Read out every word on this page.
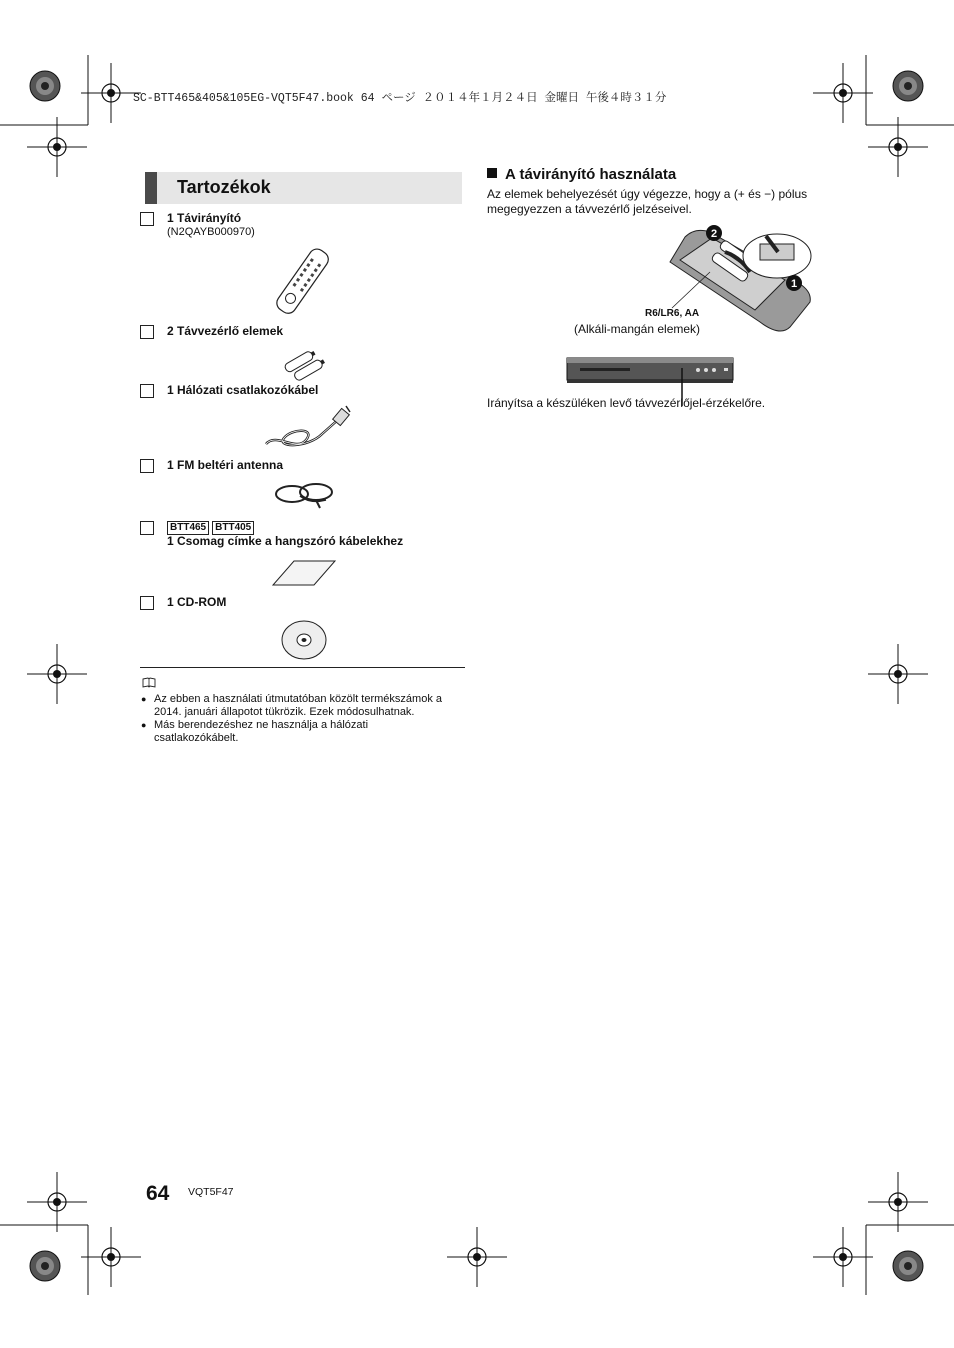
SC-BTT465&405&105EG-VQT5F47.book 64 ページ ２０１４年１月２４日 金曜日 午後４時３１分
Tartozékok
1 Távirányító
(N2QAYB000970)
2 Távvezérlő elemek
1 Hálózati csatlakozókábel
1 FM beltéri antenna
BTT465 BTT405
1 Csomag címke a hangszóró kábelekhez
1 CD-ROM
● Az ebben a használati útmutatóban közölt termékszámok a 2014. januári állapotot tükrözik. Ezek módosulhatnak.
● Más berendezéshez ne használja a hálózati csatlakozókábelt.
A távirányító használata
Az elemek behelyezését úgy végezze, hogy a (+ és −) pólus megegyezzen a távvezérlő jelzéseivel.
2
1
R6/LR6, AA
(Alkáli-mangán elemek)
Irányítsa a készüléken levő távvezérlőjel-érzékelőre.
64 VQT5F47
